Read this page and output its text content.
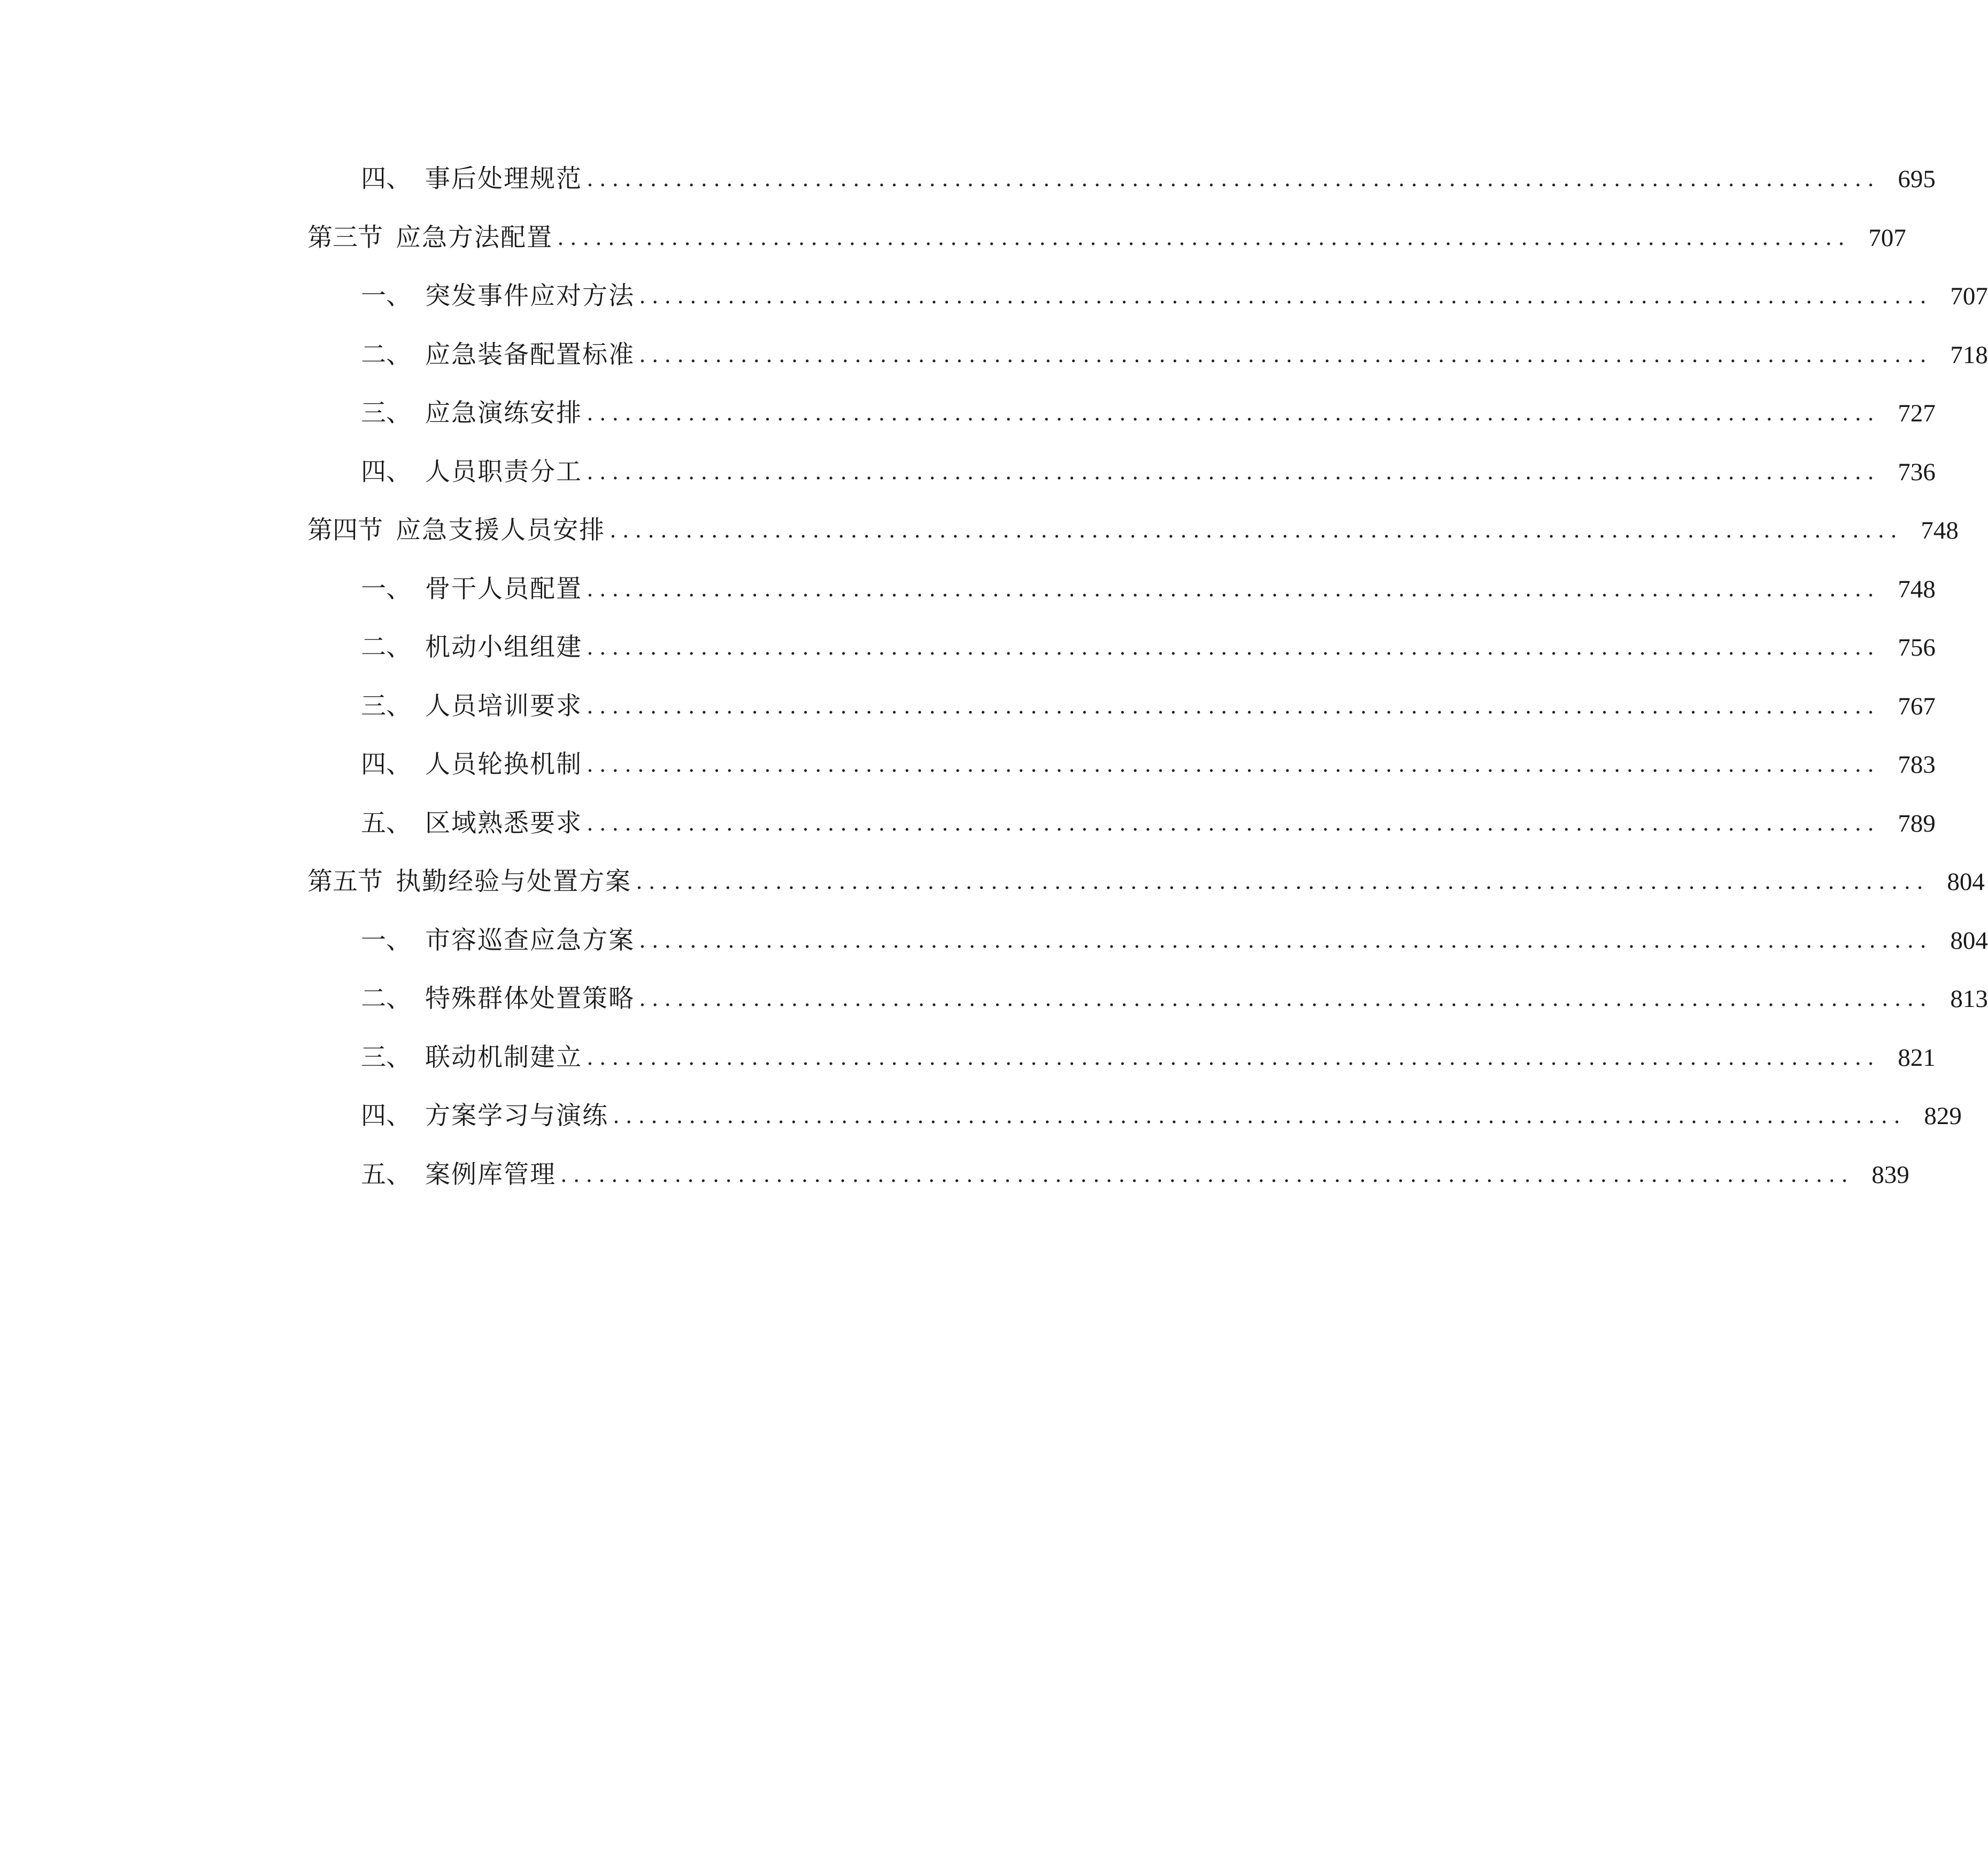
四、 事后处理规范 ...................................................................................................... 695
第三节 应急方法配置 ...................................................................................................... 707
一、 突发事件应对方法 ...................................................................................................... 707
二、 应急装备配置标准 ...................................................................................................... 718
三、 应急演练安排 ...................................................................................................... 727
四、 人员职责分工 ...................................................................................................... 736
第四节 应急支援人员安排 ...................................................................................................... 748
一、 骨干人员配置 ...................................................................................................... 748
二、 机动小组组建 ...................................................................................................... 756
三、 人员培训要求 ...................................................................................................... 767
四、 人员轮换机制 ...................................................................................................... 783
五、 区域熟悉要求 ...................................................................................................... 789
第五节 执勤经验与处置方案 ...................................................................................................... 804
一、 市容巡查应急方案 ...................................................................................................... 804
二、 特殊群体处置策略 ...................................................................................................... 813
三、 联动机制建立 ...................................................................................................... 821
四、 方案学习与演练 ...................................................................................................... 829
五、 案例库管理 ...................................................................................................... 839
